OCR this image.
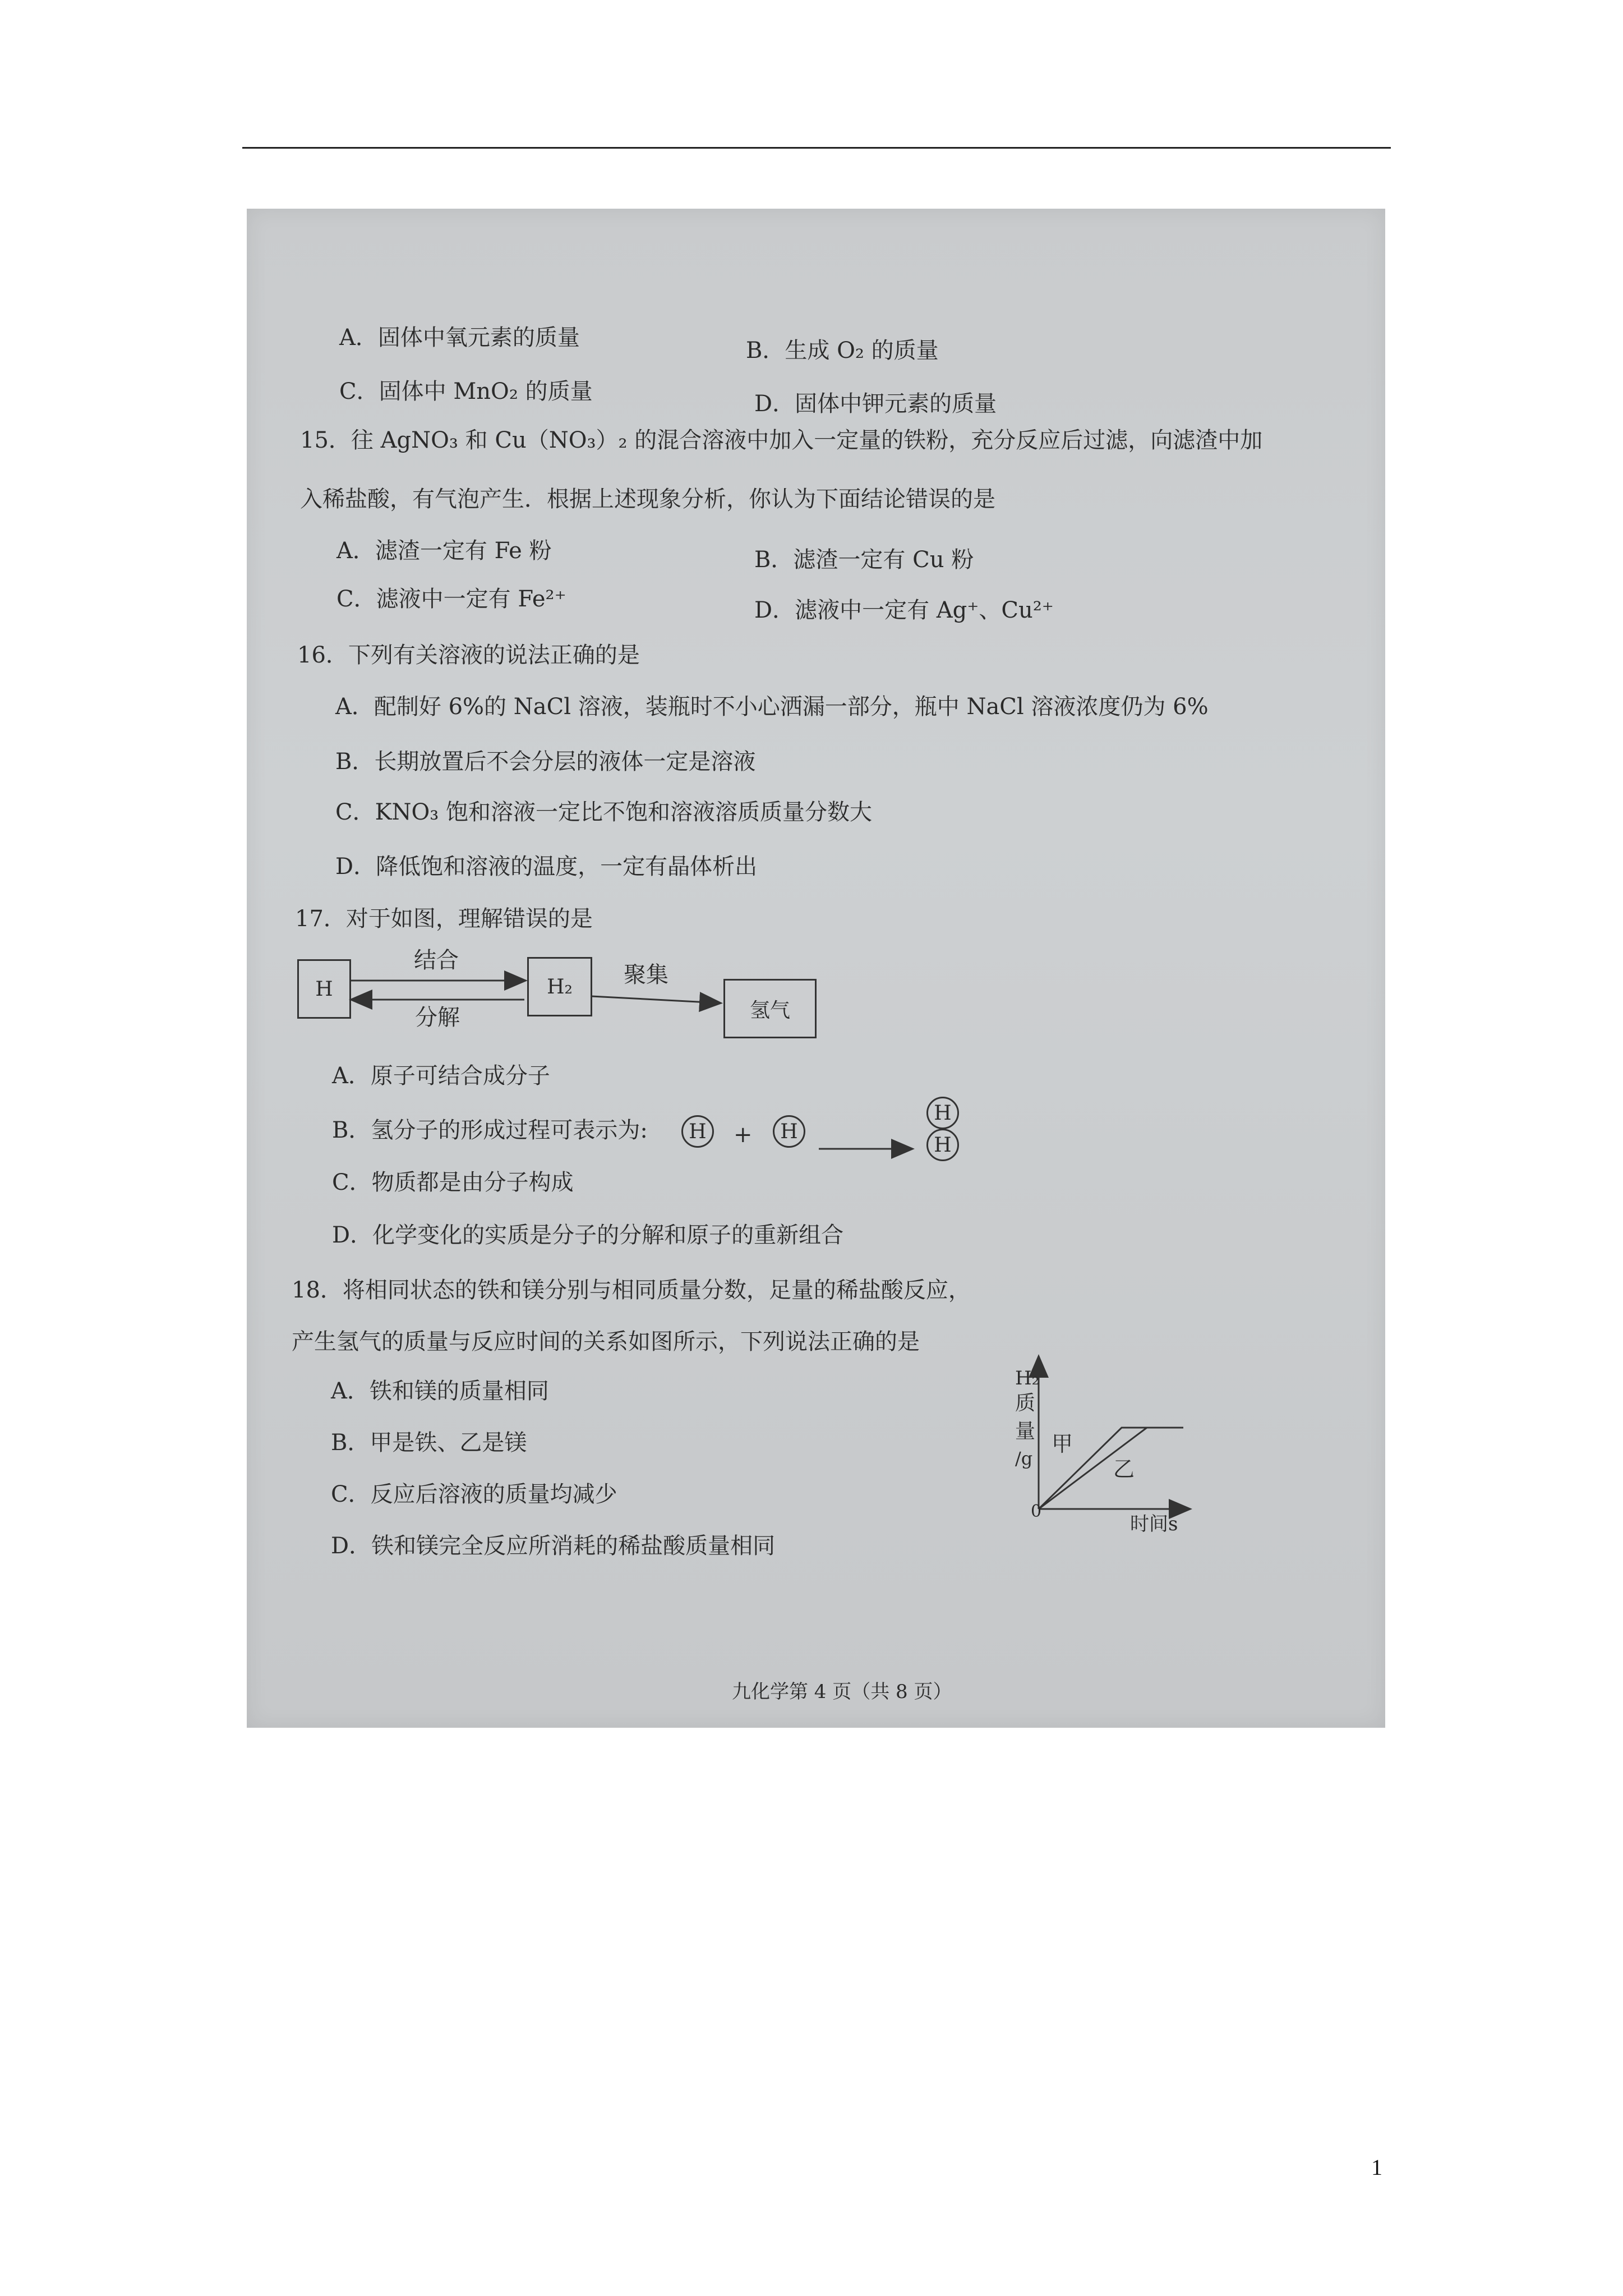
A．固体中氧元素的质量	B．生成 O₂ 的质量
C．固体中 MnO₂ 的质量	D．固体中钾元素的质量
15．往 AgNO₃ 和 Cu（NO₃）₂ 的混合溶液中加入一定量的铁粉，充分反应后过滤，向滤渣中加
入稀盐酸，有气泡产生．根据上述现象分析，你认为下面结论错误的是
A．滤渣一定有 Fe 粉	B．滤渣一定有 Cu 粉
C．滤液中一定有 Fe²⁺	D．滤液中一定有 Ag⁺、Cu²⁺
16．下列有关溶液的说法正确的是
A．配制好 6%的 NaCl 溶液，装瓶时不小心洒漏一部分，瓶中 NaCl 溶液浓度仍为 6%
B．长期放置后不会分层的液体一定是溶液
C．KNO₃ 饱和溶液一定比不饱和溶液溶质质量分数大
D．降低饱和溶液的温度，一定有晶体析出
17．对于如图，理解错误的是
H	H₂
氢气
结合
分解
聚集
A．原子可结合成分子
B．氢分子的形成过程可表示为:	H	+	H
H
H
C．物质都是由分子构成
D．化学变化的实质是分子的分解和原子的重新组合
18．将相同状态的铁和镁分别与相同质量分数，足量的稀盐酸反应，
产生氢气的质量与反应时间的关系如图所示，下列说法正确的是
A．铁和镁的质量相同
B．甲是铁、乙是镁
C．反应后溶液的质量均减少
D．铁和镁完全反应所消耗的稀盐酸质量相同
H₂
质
量
/g
0
时间s
甲
乙
九化学第 4 页（共 8 页）
1
